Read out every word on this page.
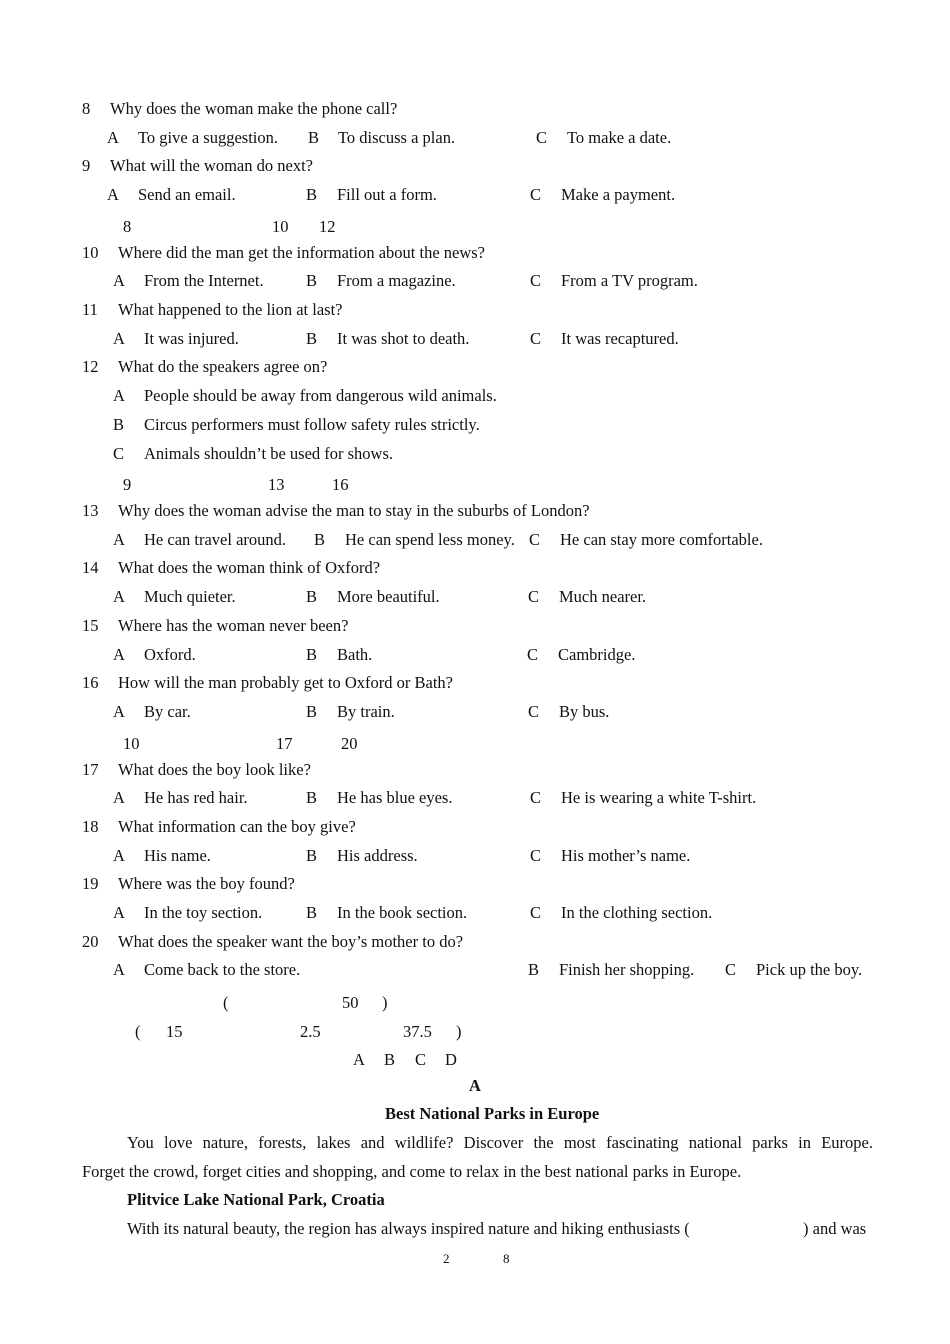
8 Why does the woman make the phone call?
A To give a suggestion. B To discuss a plan.	C To make a date.
9 What will the woman do next?
A Send an email.	B Fill out a form.	C Make a payment.
8	10 12
10 Where did the man get the information about the news?
A From the Internet.	B From a magazine.	C From a TV program.
11 What happened to the lion at last?
A It was injured.	B It was shot to death.	C It was recaptured.
12 What do the speakers agree on?
A People should be away from dangerous wild animals.
B Circus performers must follow safety rules strictly.
C Animals shouldn’t be used for shows.
9	13	16
13 Why does the woman advise the man to stay in the suburbs of London?
A He can travel around. B He can spend less money. C He can stay more comfortable.
14 What does the woman think of Oxford?
A Much quieter.	B More beautiful.	C Much nearer.
15 Where has the woman never been?
A Oxford.	B Bath.	C Cambridge.
16 How will the man probably get to Oxford or Bath?
A By car.	B By train.	C By bus.
10	17	20
17 What does the boy look like?
A He has red hair.	B He has blue eyes.	C He is wearing a white T-shirt.
18 What information can the boy give?
A His name.	B His address.	C His mother’s name.
19 Where was the boy found?
A In the toy section.	B In the book section.	C In the clothing section.
20 What does the speaker want the boy’s mother to do?
A Come back to the store.	B Finish her shopping. C Pick up the boy.
(	50 )
( 15	2.5	37.5 )
A B C D
A
Best National Parks in Europe
You love nature, forests, lakes and wildlife? Discover the most fascinating national parks in Europe.
Forget the crowd, forget cities and shopping, and come to relax in the best national parks in Europe.
Plitvice Lake National Park, Croatia
With its natural beauty, the region has always inspired nature and hiking enthusiasts (	) and was
2	8
